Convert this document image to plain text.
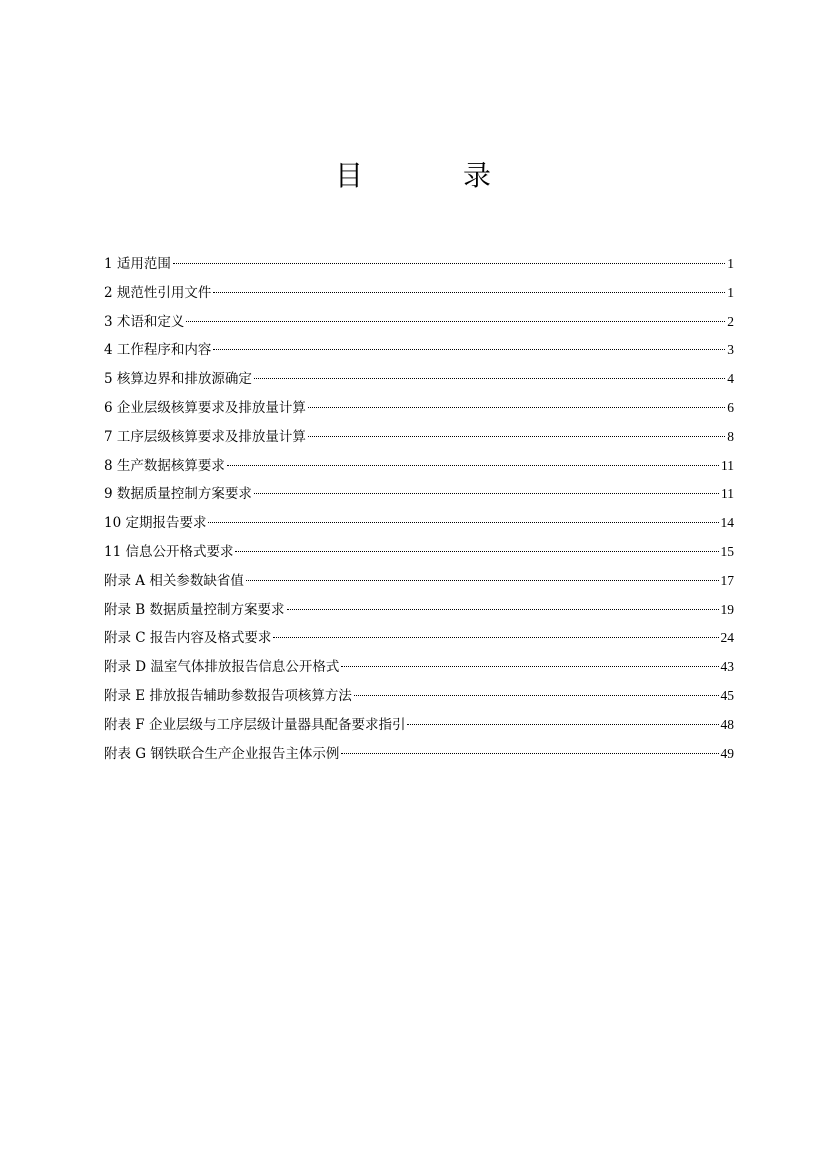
目　录
1 适用范围	1
2 规范性引用文件	1
3 术语和定义	2
4 工作程序和内容	3
5 核算边界和排放源确定	4
6 企业层级核算要求及排放量计算	6
7 工序层级核算要求及排放量计算	8
8 生产数据核算要求	11
9 数据质量控制方案要求	11
10 定期报告要求	14
11 信息公开格式要求	15
附录 A 相关参数缺省值	17
附录 B 数据质量控制方案要求	19
附录 C 报告内容及格式要求	24
附录 D 温室气体排放报告信息公开格式	43
附录 E 排放报告辅助参数报告项核算方法	45
附表 F 企业层级与工序层级计量器具配备要求指引	48
附表 G 钢铁联合生产企业报告主体示例	49
